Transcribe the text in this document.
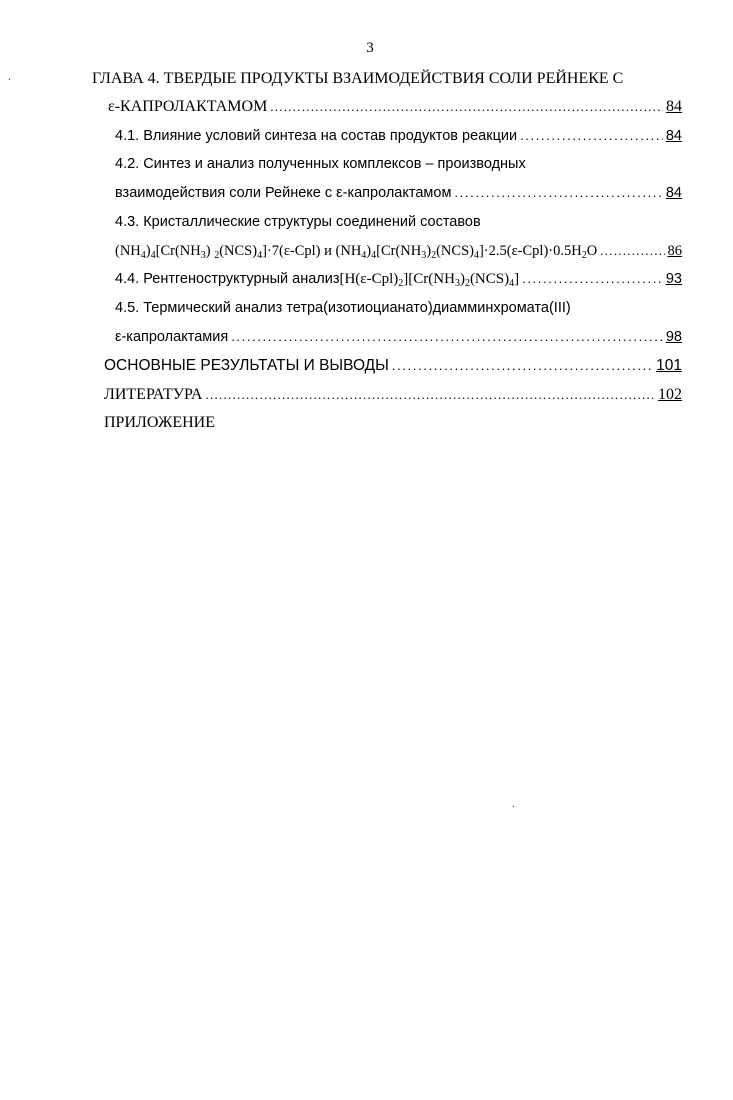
3
.
.
ГЛАВА 4. ТВЕРДЫЕ ПРОДУКТЫ ВЗАИМОДЕЙСТВИЯ СОЛИ РЕЙНЕКЕ С
ε-КАПРОЛАКТАМОМ . . .	84
4.1. Влияние условий синтеза на состав продуктов реакции . . .	84
4.2. Синтез и анализ полученных комплексов – производных
взаимодействия соли Рейнеке с ε-капролактамом . . .	84
4.3. Кристаллические структуры соединений составов
$(NH_4)_4[Cr(NH_3)$ $_2(NCS)_4]\cdot 7(\varepsilon-Cpl)$ и $(NH_4)_4[Cr(NH_3)_2(NCS)_4]\cdot 2.5(\varepsilon-Cpl)\cdot 0.5H_2O$ . . .	86
4.4. Рентгеноструктурный анализ $[H(\varepsilon-Cpl)_2][Cr(NH_3)_2(NCS)_4]$ . . .	93
4.5. Термический анализ тетра(изотиоцианато)диамминхромата(III)
ε-капролактамия . . .	98
ОСНОВНЫЕ РЕЗУЛЬТАТЫ И ВЫВОДЫ . . .	101
ЛИТЕРАТУРА . . .	102
ПРИЛОЖЕНИЕ
